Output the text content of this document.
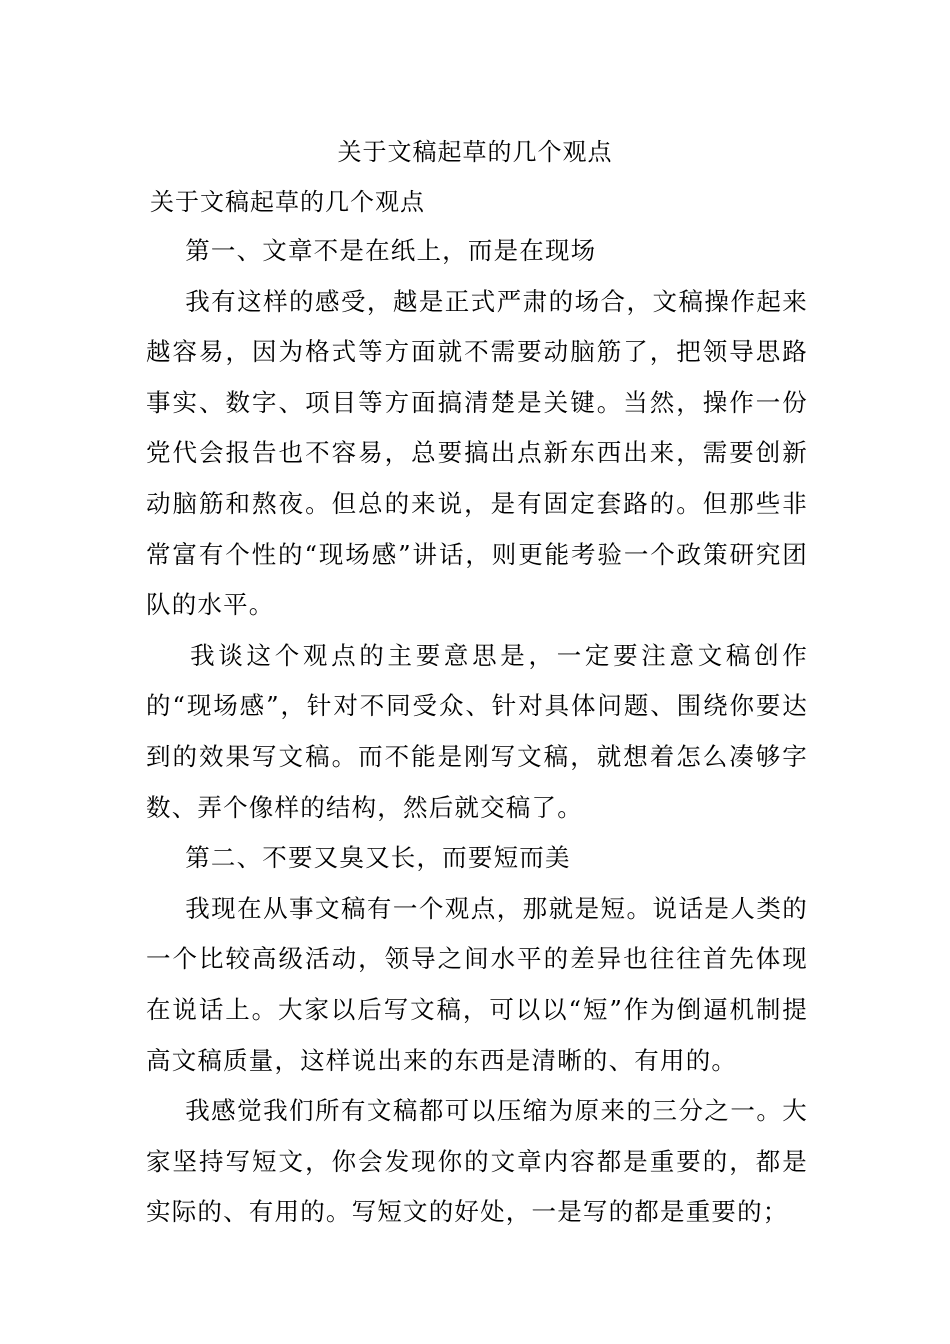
关于文稿起草的几个观点
关于文稿起草的几个观点

第一、文章不是在纸上，而是在现场

我有这样的感受，越是正式严肃的场合，文稿操作起来越容易，因为格式等方面就不需要动脑筋了，把领导思路事实、数字、项目等方面搞清楚是关键。当然，操作一份党代会报告也不容易，总要搞出点新东西出来，需要创新动脑筋和熬夜。但总的来说，是有固定套路的。但那些非常富有个性的“现场感”讲话，则更能考验一个政策研究团队的水平。

我谈这个观点的主要意思是，一定要注意文稿创作的“现场感”，针对不同受众、针对具体问题、围绕你要达到的效果写文稿。而不能是刚写文稿，就想着怎么凑够字数、弄个像样的结构，然后就交稿了。

第二、不要又臭又长，而要短而美

我现在从事文稿有一个观点，那就是短。说话是人类的一个比较高级活动，领导之间水平的差异也往往首先体现在说话上。大家以后写文稿，可以以“短”作为倒逼机制提高文稿质量，这样说出来的东西是清晰的、有用的。

我感觉我们所有文稿都可以压缩为原来的三分之一。大家坚持写短文，你会发现你的文章内容都是重要的，都是实际的、有用的。写短文的好处，一是写的都是重要的；
